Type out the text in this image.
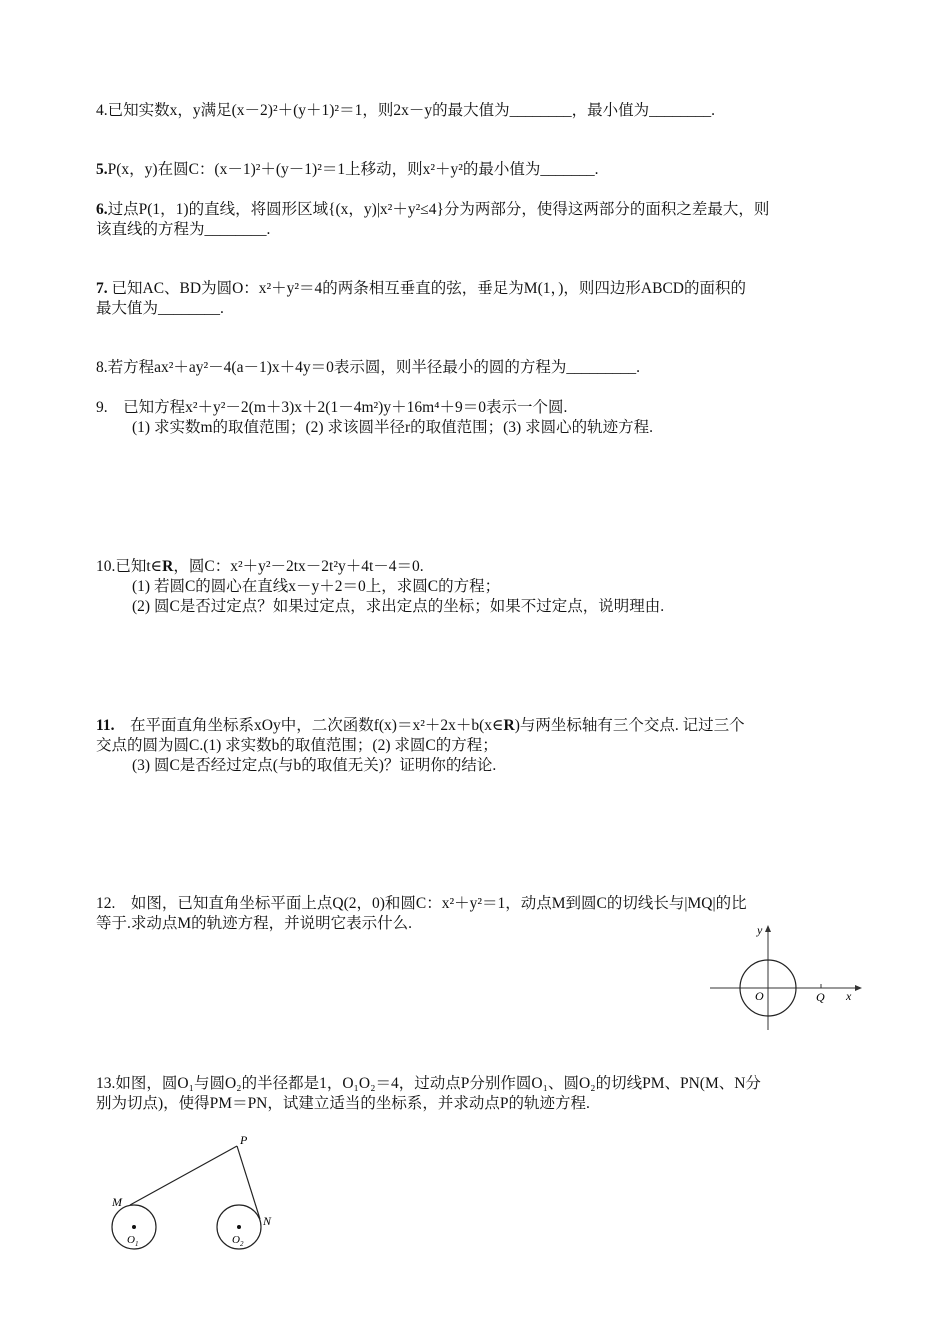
4.已知实数x，y满足(x－2)²＋(y＋1)²＝1，则2x－y的最大值为________，最小值为________.
5.P(x，y)在圆C：(x－1)²＋(y－1)²＝1上移动，则x²＋y²的最小值为_______.
6.过点P(1，1)的直线，将圆形区域{(x，y)|x²＋y²≤4}分为两部分，使得这两部分的面积之差最大，则
该直线的方程为________.
7. 已知AC、BD为圆O：x²＋y²＝4的两条相互垂直的弦，垂足为M(1，)，则四边形ABCD的面积的
最大值为________.
8.若方程ax²＋ay²－4(a－1)x＋4y＝0表示圆，则半径最小的圆的方程为_________.
9. 已知方程x²＋y²－2(m＋3)x＋2(1－4m²)y＋16m⁴＋9＝0表示一个圆.
(1) 求实数m的取值范围；(2) 求该圆半径r的取值范围；(3) 求圆心的轨迹方程.
10.已知t∈R，圆C：x²＋y²－2tx－2t²y＋4t－4＝0.
(1) 若圆C的圆心在直线x－y＋2＝0上，求圆C的方程；
(2) 圆C是否过定点？如果过定点，求出定点的坐标；如果不过定点，说明理由.
11. 在平面直角坐标系xOy中，二次函数f(x)＝x²＋2x＋b(x∈R)与两坐标轴有三个交点. 记过三个
交点的圆为圆C.(1) 求实数b的取值范围；(2) 求圆C的方程；
(3) 圆C是否经过定点(与b的取值无关)？证明你的结论.
12. 如图，已知直角坐标平面上点Q(2，0)和圆C：x²＋y²＝1，动点M到圆C的切线长与|MQ|的比
等于.求动点M的轨迹方程，并说明它表示什么.	y
x
O	Q
13.如图，圆O₁与圆O₂的半径都是1，O₁O₂＝4，过动点P分别作圆O₁、圆O₂的切线PM、PN(M、N分
别为切点)，使得PM＝PN，试建立适当的坐标系，并求动点P的轨迹方程.
P
M
N
$O_1$	$O_2$
